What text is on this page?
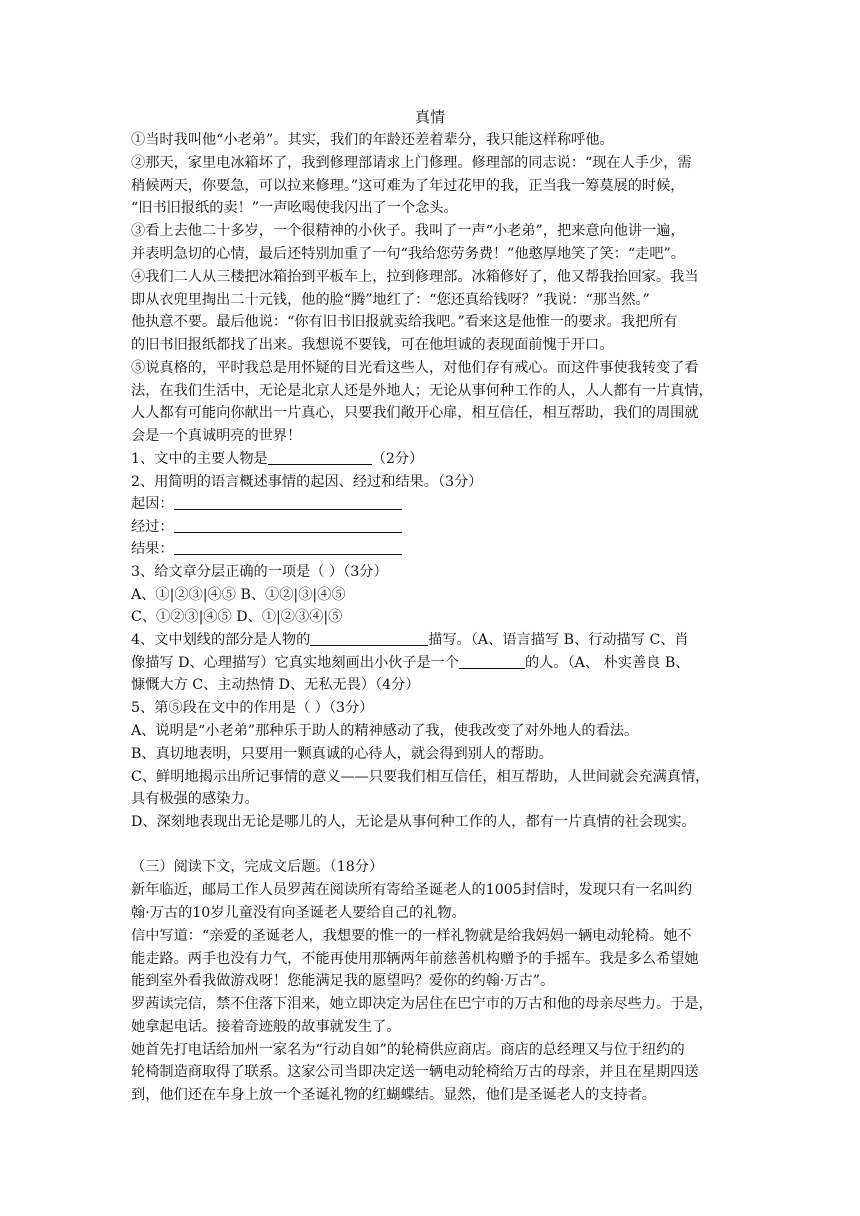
真情
①当时我叫他“小老弟”。其实，我们的年龄还差着辈分，我只能这样称呼他。
②那天，家里电冰箱坏了，我到修理部请求上门修理。修理部的同志说：“现在人手少，需
稍候两天，你要急，可以拉来修理。”这可难为了年过花甲的我，正当我一筹莫展的时候，
“旧书旧报纸的卖！”一声吆喝使我闪出了一个念头。
③看上去他二十多岁，一个很精神的小伙子。我叫了一声“小老弟”，把来意向他讲一遍，
并表明急切的心情，最后还特别加重了一句“我给您劳务费！”他憨厚地笑了笑：“走吧”。
④我们二人从三楼把冰箱抬到平板车上，拉到修理部。冰箱修好了，他又帮我抬回家。我当
即从衣兜里掏出二十元钱，他的脸“腾”地红了：“您还真给钱呀？”我说：“那当然。”
他执意不要。最后他说：“你有旧书旧报就卖给我吧。”看来这是他惟一的要求。我把所有
的旧书旧报纸都找了出来。我想说不要钱，可在他坦诚的表现面前愧于开口。
⑤说真格的，平时我总是用怀疑的目光看这些人，对他们存有戒心。而这件事使我转变了看
法，在我们生活中，无论是北京人还是外地人；无论从事何种工作的人，人人都有一片真情，
人人都有可能向你献出一片真心，只要我们敞开心扉，相互信任，相互帮助，我们的周围就
会是一个真诚明亮的世界！
1、文中的主要人物是	（2分）
2、用简明的语言概述事情的起因、经过和结果。（3分）
起因：
经过：
结果：
3、给文章分层正确的一项是（ ）（3分）
A、①|②③|④⑤ B、①②|③|④⑤
C、①②③|④⑤ D、①|②③④|⑤
4、文中划线的部分是人物的	描写。（A、语言描写 B、行动描写 C、肖
像描写 D、心理描写）它真实地刻画出小伙子是一个	的人。（A、 朴实善良 B、
慷慨大方 C、主动热情 D、无私无畏）（4分）
5、第⑤段在文中的作用是（ ）（3分）
A、说明是“小老弟”那种乐于助人的精神感动了我，使我改变了对外地人的看法。
B、真切地表明，只要用一颗真诚的心待人，就会得到别人的帮助。
C、鲜明地揭示出所记事情的意义——只要我们相互信任，相互帮助，人世间就会充满真情，
具有极强的感染力。
D、深刻地表现出无论是哪儿的人，无论是从事何种工作的人，都有一片真情的社会现实。
（三）阅读下文，完成文后题。（18分）
新年临近，邮局工作人员罗茜在阅读所有寄给圣诞老人的1005封信时，发现只有一名叫约
翰·万古的10岁儿童没有向圣诞老人要给自己的礼物。
信中写道：“亲爱的圣诞老人，我想要的惟一的一样礼物就是给我妈妈一辆电动轮椅。她不
能走路。两手也没有力气，不能再使用那辆两年前慈善机构赠予的手摇车。我是多么希望她
能到室外看我做游戏呀！您能满足我的愿望吗？爱你的约翰·万古”。
罗茜读完信，禁不住落下泪来，她立即决定为居住在巴宁市的万古和他的母亲尽些力。于是，
她拿起电话。接着奇迹般的故事就发生了。
她首先打电话给加州一家名为“行动自如”的轮椅供应商店。商店的总经理又与位于纽约的
轮椅制造商取得了联系。这家公司当即决定送一辆电动轮椅给万古的母亲，并且在星期四送
到，他们还在车身上放一个圣诞礼物的红蝴蝶结。显然，他们是圣诞老人的支持者。
